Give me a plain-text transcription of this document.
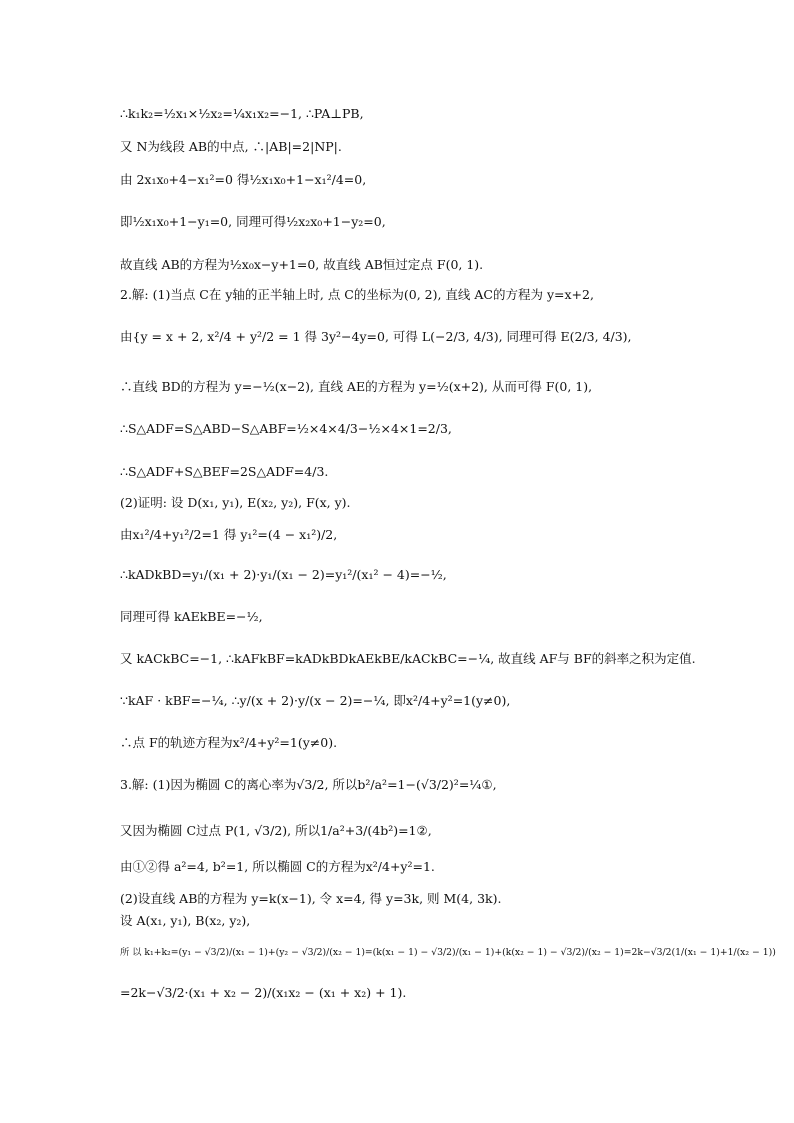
∴k₁k₂=½x₁×½x₂=¼x₁x₂=−1, ∴PA⊥PB,
又 N为线段 AB的中点, ∴|AB|=2|NP|.
由 2x₁x₀+4−x₁²=0 得½x₁x₀+1−x₁²/4=0,
即½x₁x₀+1−y₁=0, 同理可得½x₂x₀+1−y₂=0,
故直线 AB的方程为½x₀x−y+1=0, 故直线 AB恒过定点 F(0, 1).
2.解: (1)当点 C在 y轴的正半轴上时, 点 C的坐标为(0, 2), 直线 AC的方程为 y=x+2,
由{y = x + 2, x²/4 + y²/2 = 1 得 3y²−4y=0, 可得 L(−2/3, 4/3), 同理可得 E(2/3, 4/3),
∴直线 BD的方程为 y=−½(x−2), 直线 AE的方程为 y=½(x+2), 从而可得 F(0, 1),
∴S△ADF=S△ABD−S△ABF=½×4×4/3−½×4×1=2/3,
∴S△ADF+S△BEF=2S△ADF=4/3.
(2)证明: 设 D(x₁, y₁), E(x₂, y₂), F(x, y).
由x₁²/4+y₁²/2=1 得 y₁²=(4 − x₁²)/2,
∴kADkBD=y₁/(x₁ + 2)·y₁/(x₁ − 2)=y₁²/(x₁² − 4)=−½,
同理可得 kAEkBE=−½,
又 kACkBC=−1, ∴kAFkBF=kADkBDkAEkBE/kACkBC=−¼, 故直线 AF与 BF的斜率之积为定值.
∵kAF · kBF=−¼, ∴y/(x + 2)·y/(x − 2)=−¼, 即x²/4+y²=1(y≠0),
∴点 F的轨迹方程为x²/4+y²=1(y≠0).
3.解: (1)因为椭圆 C的离心率为√3/2, 所以b²/a²=1−(√3/2)²=¼①,
又因为椭圆 C过点 P(1, √3/2), 所以1/a²+3/(4b²)=1②,
由①②得 a²=4, b²=1, 所以椭圆 C的方程为x²/4+y²=1.
(2)设直线 AB的方程为 y=k(x−1), 令 x=4, 得 y=3k, 则 M(4, 3k).
设 A(x₁, y₁), B(x₂, y₂),
所 以 k₁+k₂=(y₁ − √3/2)/(x₁ − 1)+(y₂ − √3/2)/(x₂ − 1)=(k(x₁ − 1) − √3/2)/(x₁ − 1)+(k(x₂ − 1) − √3/2)/(x₂ − 1)=2k−√3/2(1/(x₁ − 1)+1/(x₂ − 1))
=2k−√3/2·(x₁ + x₂ − 2)/(x₁x₂ − (x₁ + x₂) + 1).
